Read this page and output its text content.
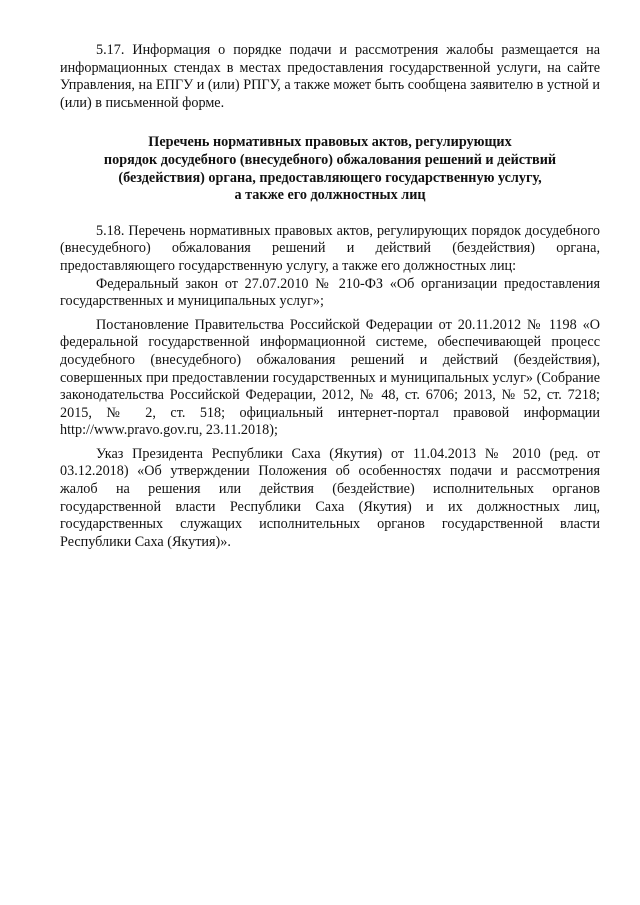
5.17. Информация о порядке подачи и рассмотрения жалобы размещается на информационных стендах в местах предоставления государственной услуги, на сайте Управления, на ЕПГУ и (или) РПГУ, а также может быть сообщена заявителю в устной и (или) в письменной форме.

Перечень нормативных правовых актов, регулирующих
порядок досудебного (внесудебного) обжалования решений и действий
(бездействия) органа, предоставляющего государственную услугу,
а также его должностных лиц

5.18. Перечень нормативных правовых актов, регулирующих порядок досудебного (внесудебного) обжалования решений и действий (бездействия) органа, предоставляющего государственную услугу, а также его должностных лиц:

Федеральный закон от 27.07.2010 № 210-ФЗ «Об организации предоставления государственных и муниципальных услуг»;

Постановление Правительства Российской Федерации от 20.11.2012 № 1198 «О федеральной государственной информационной системе, обеспечивающей процесс досудебного (внесудебного) обжалования решений и действий (бездействия), совершенных при предоставлении государственных и муниципальных услуг» (Собрание законодательства Российской Федерации, 2012, № 48, ст. 6706; 2013, № 52, ст. 7218; 2015, № 2, ст. 518; официальный интернет-портал правовой информации http://www.pravo.gov.ru, 23.11.2018);

Указ Президента Республики Саха (Якутия) от 11.04.2013 № 2010 (ред. от 03.12.2018) «Об утверждении Положения об особенностях подачи и рассмотрения жалоб на решения или действия (бездействие) исполнительных органов государственной власти Республики Саха (Якутия) и их должностных лиц, государственных служащих исполнительных органов государственной власти Республики Саха (Якутия)».
